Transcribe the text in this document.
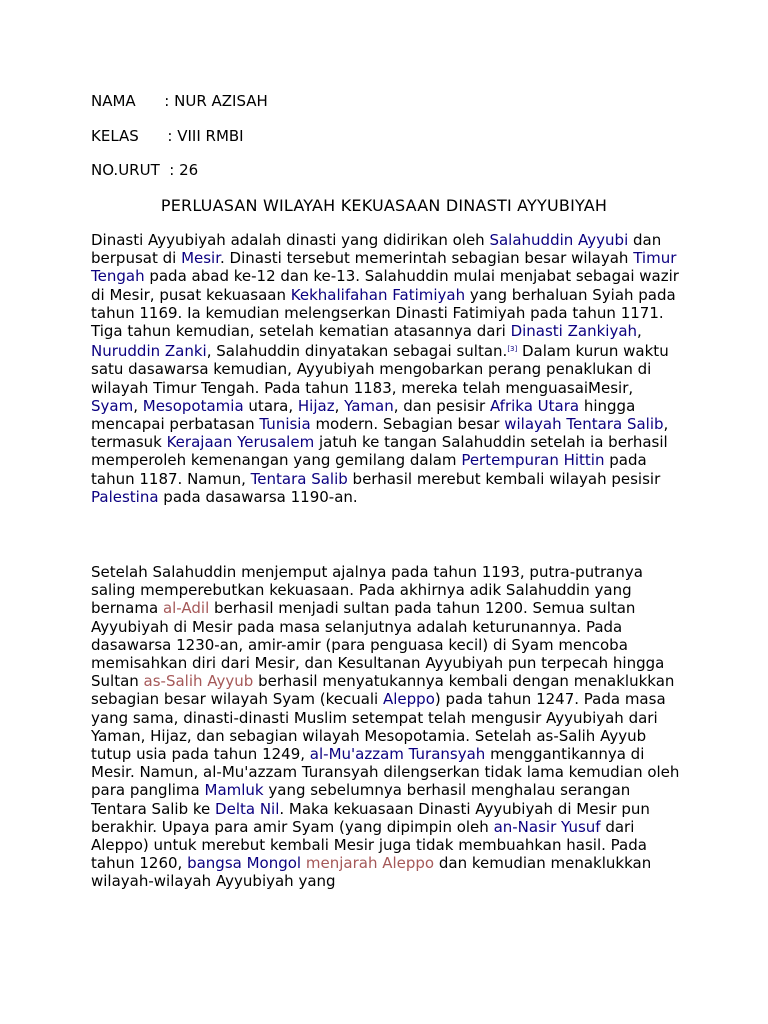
NAMA      : NUR AZISAH
KELAS      : VIII RMBI
NO.URUT  : 26
PERLUASAN WILAYAH KEKUASAAN DINASTI AYYUBIYAH

Dinasti Ayyubiyah adalah dinasti yang didirikan oleh Salahuddin Ayyubi dan berpusat di Mesir. Dinasti tersebut memerintah sebagian besar wilayah Timur Tengah pada abad ke-12 dan ke-13. Salahuddin mulai menjabat sebagai wazir di Mesir, pusat kekuasaan Kekhalifahan Fatimiyah yang berhaluan Syiah pada tahun 1169. Ia kemudian melengserkan Dinasti Fatimiyah pada tahun 1171. Tiga tahun kemudian, setelah kematian atasannya dari Dinasti Zankiyah, Nuruddin Zanki, Salahuddin dinyatakan sebagai sultan.[3] Dalam kurun waktu satu dasawarsa kemudian, Ayyubiyah mengobarkan perang penaklukan di wilayah Timur Tengah. Pada tahun 1183, mereka telah menguasaiMesir, Syam, Mesopotamia utara, Hijaz, Yaman, dan pesisir Afrika Utara hingga mencapai perbatasan Tunisia modern. Sebagian besar wilayah Tentara Salib, termasuk Kerajaan Yerusalem jatuh ke tangan Salahuddin setelah ia berhasil memperoleh kemenangan yang gemilang dalam Pertempuran Hittin pada tahun 1187. Namun, Tentara Salib berhasil merebut kembali wilayah pesisir Palestina pada dasawarsa 1190-an.

Setelah Salahuddin menjemput ajalnya pada tahun 1193, putra-putranya saling memperebutkan kekuasaan. Pada akhirnya adik Salahuddin yang bernama al-Adil berhasil menjadi sultan pada tahun 1200. Semua sultan Ayyubiyah di Mesir pada masa selanjutnya adalah keturunannya. Pada dasawarsa 1230-an, amir-amir (para penguasa kecil) di Syam mencoba memisahkan diri dari Mesir, dan Kesultanan Ayyubiyah pun terpecah hingga Sultan as-Salih Ayyub berhasil menyatukannya kembali dengan menaklukkan sebagian besar wilayah Syam (kecuali Aleppo) pada tahun 1247. Pada masa yang sama, dinasti-dinasti Muslim setempat telah mengusir Ayyubiyah dari Yaman, Hijaz, dan sebagian wilayah Mesopotamia. Setelah as-Salih Ayyub tutup usia pada tahun 1249, al-Mu'azzam Turansyah menggantikannya di Mesir. Namun, al-Mu'azzam Turansyah dilengserkan tidak lama kemudian oleh para panglima Mamluk yang sebelumnya berhasil menghalau serangan Tentara Salib ke Delta Nil. Maka kekuasaan Dinasti Ayyubiyah di Mesir pun berakhir. Upaya para amir Syam (yang dipimpin oleh an-Nasir Yusuf dari Aleppo) untuk merebut kembali Mesir juga tidak membuahkan hasil. Pada tahun 1260, bangsa Mongol menjarah Aleppo dan kemudian menaklukkan wilayah-wilayah Ayyubiyah yang
